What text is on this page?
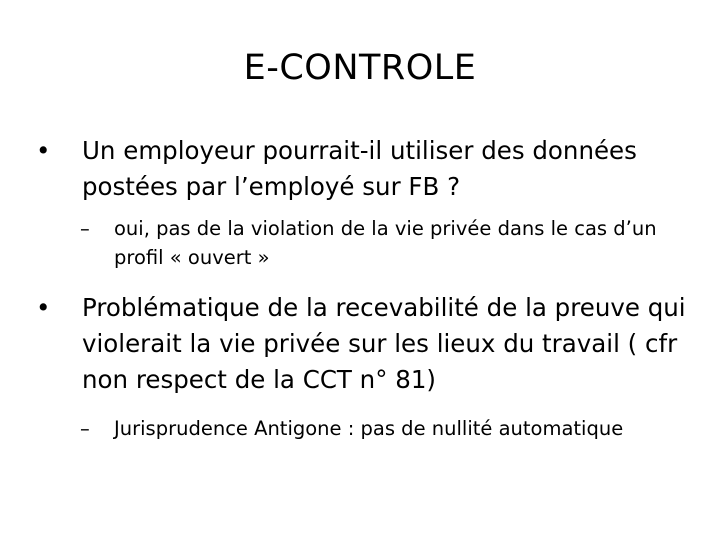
E-CONTROLE
•	Un employeur pourrait-il utiliser des données postées par l’employé sur FB ?
–	oui, pas de la violation de la vie privée dans le cas d’un profil « ouvert »
•	Problématique de la recevabilité de la preuve qui violerait la vie privée sur les lieux du travail ( cfr non respect de la CCT n° 81)
–	Jurisprudence Antigone : pas de nullité automatique
